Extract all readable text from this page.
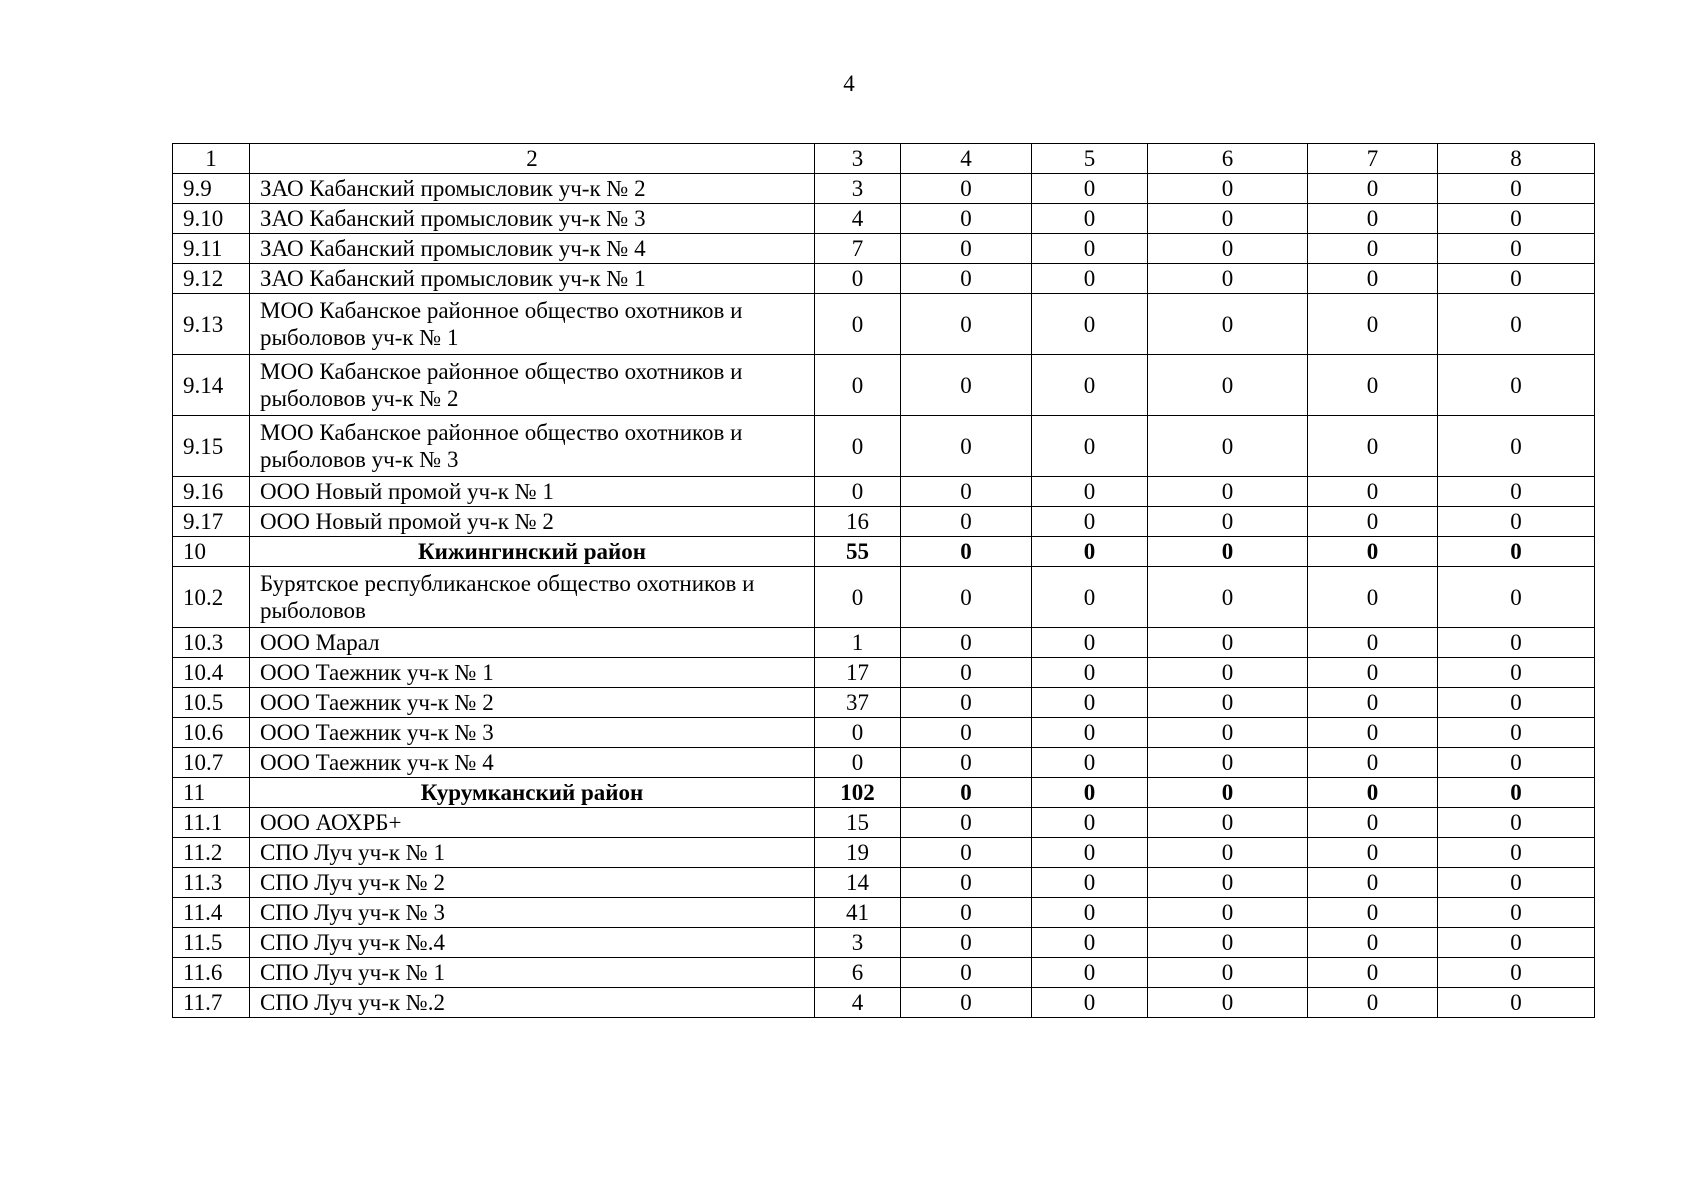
4
1	2	3	4	5	6	7	8
9.9	ЗАО Кабанский промысловик уч-к № 2	3	0	0	0	0	0
9.10	ЗАО Кабанский промысловик уч-к № 3	4	0	0	0	0	0
9.11	ЗАО Кабанский промысловик уч-к № 4	7	0	0	0	0	0
9.12	ЗАО Кабанский промысловик уч-к № 1	0	0	0	0	0	0
9.13	МОО Кабанское районное общество охотников и рыболовов уч-к № 1	0	0	0	0	0	0
9.14	МОО Кабанское районное общество охотников и рыболовов уч-к № 2	0	0	0	0	0	0
9.15	МОО Кабанское районное общество охотников и рыболовов уч-к № 3	0	0	0	0	0	0
9.16	ООО Новый промой уч-к № 1	0	0	0	0	0	0
9.17	ООО Новый промой уч-к № 2	16	0	0	0	0	0
10	Кижингинский район	55	0	0	0	0	0
10.2	Бурятское республиканское общество охотников и рыболовов	0	0	0	0	0	0
10.3	ООО Марал	1	0	0	0	0	0
10.4	ООО Таежник уч-к № 1	17	0	0	0	0	0
10.5	ООО Таежник уч-к № 2	37	0	0	0	0	0
10.6	ООО Таежник уч-к № 3	0	0	0	0	0	0
10.7	ООО Таежник уч-к № 4	0	0	0	0	0	0
11	Курумканский район	102	0	0	0	0	0
11.1	ООО АОХРБ+	15	0	0	0	0	0
11.2	СПО Луч уч-к № 1	19	0	0	0	0	0
11.3	СПО Луч уч-к № 2	14	0	0	0	0	0
11.4	СПО Луч уч-к № 3	41	0	0	0	0	0
11.5	СПО Луч уч-к №.4	3	0	0	0	0	0
11.6	СПО Луч уч-к № 1	6	0	0	0	0	0
11.7	СПО Луч уч-к №.2	4	0	0	0	0	0
